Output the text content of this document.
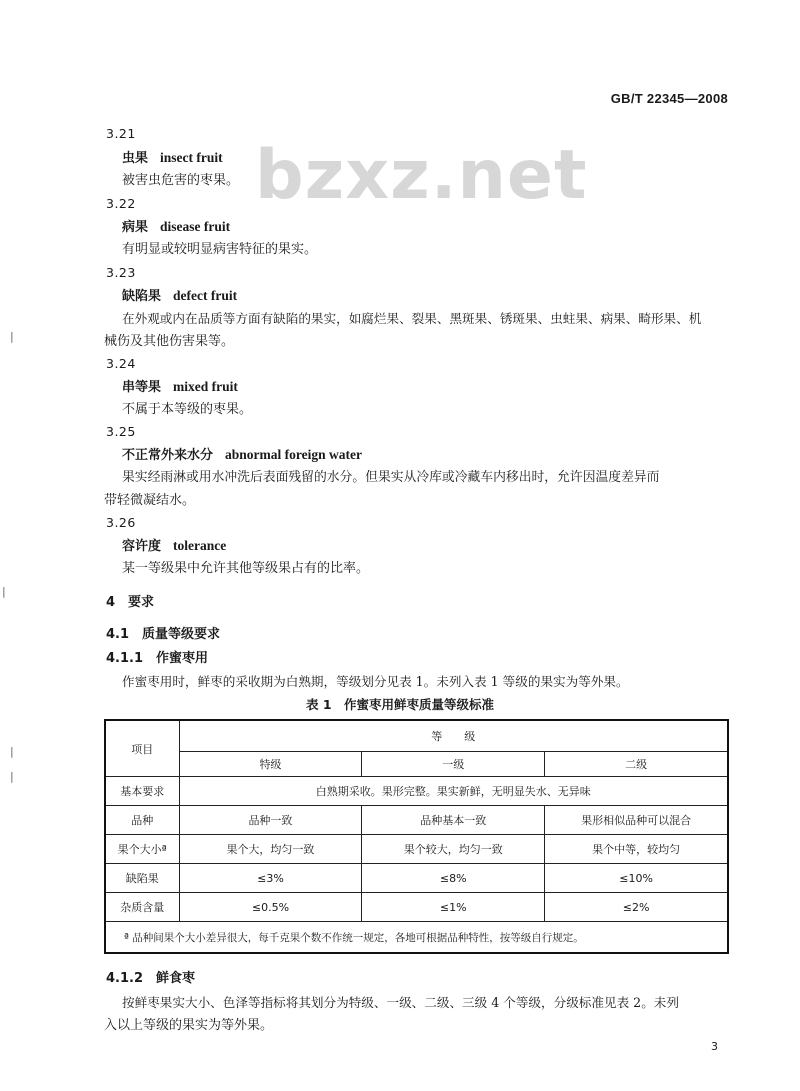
GB/T 22345—2008
bzxz.net
|
|
|
|
3.21
虫果 insect fruit
被害虫危害的枣果。
3.22
病果 disease fruit
有明显或较明显病害特征的果实。
3.23
缺陷果 defect fruit
在外观或内在品质等方面有缺陷的果实，如腐烂果、裂果、黑斑果、锈斑果、虫蛀果、病果、畸形果、机
械伤及其他伤害果等。
3.24
串等果 mixed fruit
不属于本等级的枣果。
3.25
不正常外来水分 abnormal foreign water
果实经雨淋或用水冲洗后表面残留的水分。但果实从冷库或冷藏车内移出时，允许因温度差异而
带轻微凝结水。
3.26
容许度 tolerance
某一等级果中允许其他等级果占有的比率。
4　要求
4.1　质量等级要求
4.1.1　作蜜枣用
作蜜枣用时，鲜枣的采收期为白熟期，等级划分见表 1。未列入表 1 等级的果实为等外果。
表 1　作蜜枣用鲜枣质量等级标准
项目	等　　级		
	特级	一级	二级
基本要求	白熟期采收。果形完整。果实新鲜，无明显失水、无异味		
品种	品种一致	品种基本一致	果形相似品种可以混合
果个大小ª	果个大，均匀一致	果个较大，均匀一致	果个中等，较均匀
缺陷果	≤3%	≤8%	≤10%
杂质含量	≤0.5%	≤1%	≤2%
ª 品种间果个大小差异很大，每千克果个数不作统一规定，各地可根据品种特性，按等级自行规定。			
4.1.2　鲜食枣
按鲜枣果实大小、色泽等指标将其划分为特级、一级、二级、三级 4 个等级，分级标准见表 2。未列
入以上等级的果实为等外果。
3
